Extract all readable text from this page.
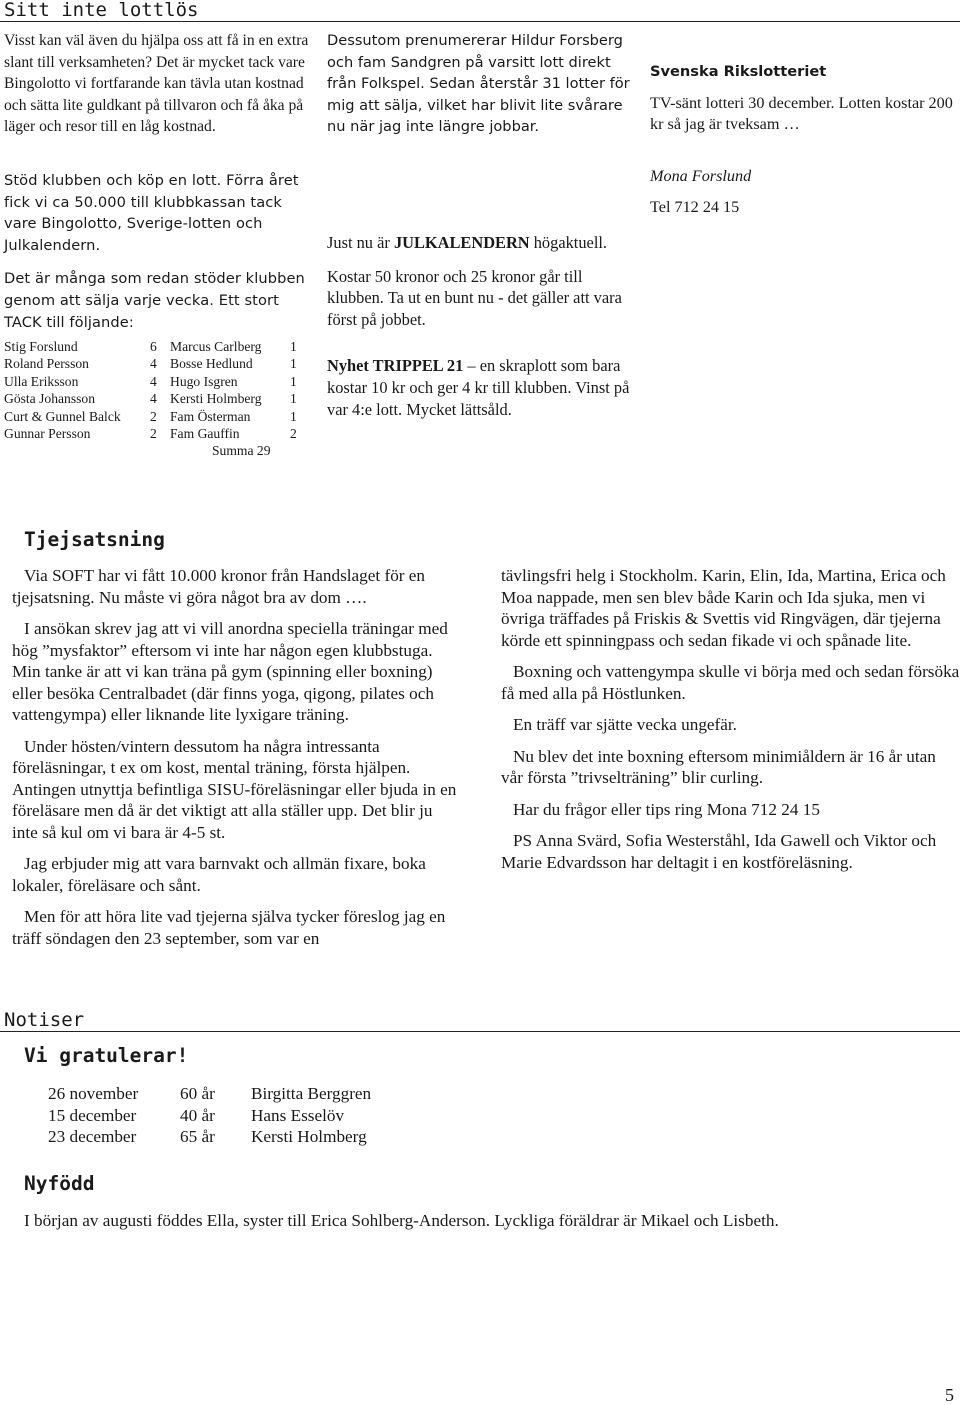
Sitt inte lottlös

Visst kan väl även du hjälpa oss att få in en extra slant till verksamheten? Det är mycket tack vare Bingolotto vi fortfarande kan tävla utan kostnad och sätta lite guldkant på tillvaron och få åka på läger och resor till en låg kostnad.

Stöd klubben och köp en lott. Förra året fick vi ca 50.000 till klubbkassan tack vare Bingolotto, Sverige-lotten och Julkalendern.

Det är många som redan stöder klubben genom att sälja varje vecka. Ett stort TACK till följande:

Stig Forslund	6 Marcus Carlberg 1
Roland Persson	4 Bosse Hedlund	1
Ulla Eriksson	4 Hugo Isgren	1
Gösta Johansson	4 Kersti Holmberg 1
Curt & Gunnel Balck 2 Fam Österman	1
Gunnar Persson	2 Fam Gauffin	2
Summa 29

Dessutom prenumererar Hildur Forsberg och fam Sandgren på varsitt lott direkt från Folkspel. Sedan återstår 31 lotter för mig att sälja, vilket har blivit lite svårare nu när jag inte längre jobbar.

Just nu är JULKALENDERN högaktuell.

Kostar 50 kronor och 25 kronor går till klubben. Ta ut en bunt nu - det gäller att vara först på jobbet.

Nyhet TRIPPEL 21 – en skraplott som bara kostar 10 kr och ger 4 kr till klubben. Vinst på var 4:e lott. Mycket lättsåld.

Svenska Rikslotteriet

TV-sänt lotteri 30 december. Lotten kostar 200 kr så jag är tveksam …

Mona Forslund

Tel 712 24 15

Tjejsatsning

Via SOFT har vi fått 10.000 kronor från Handslaget för en tjejsatsning. Nu måste vi göra något bra av dom ….

I ansökan skrev jag att vi vill anordna speciella träningar med hög ”mysfaktor” eftersom vi inte har någon egen klubbstuga. Min tanke är att vi kan träna på gym (spinning eller boxning) eller besöka Centralbadet (där finns yoga, qigong, pilates och vattengympa) eller liknande lite lyxigare träning.

Under hösten/vintern dessutom ha några intressanta föreläsningar, t ex om kost, mental träning, första hjälpen. Antingen utnyttja befintliga SISU-föreläsningar eller bjuda in en föreläsare men då är det viktigt att alla ställer upp. Det blir ju inte så kul om vi bara är 4-5 st.

Jag erbjuder mig att vara barnvakt och allmän fixare, boka lokaler, föreläsare och sånt.

Men för att höra lite vad tjejerna själva tycker föreslog jag en träff söndagen den 23 september, som var en

tävlingsfri helg i Stockholm. Karin, Elin, Ida, Martina, Erica och Moa nappade, men sen blev både Karin och Ida sjuka, men vi övriga träffades på Friskis & Svettis vid Ringvägen, där tjejerna körde ett spinningpass och sedan fikade vi och spånade lite.

Boxning och vattengympa skulle vi börja med och sedan försöka få med alla på Höstlunken.

En träff var sjätte vecka ungefär.

Nu blev det inte boxning eftersom minimiåldern är 16 år utan vår första ”trivselträning” blir curling.

Har du frågor eller tips ring Mona 712 24 15

PS Anna Svärd, Sofia Westerståhl, Ida Gawell och Viktor och Marie Edvardsson har deltagit i en kostföreläsning.

Notiser
Vi gratulerar!
26 november 60 år Birgitta Berggren
15 december	40 år Hans Esselöv
23 december	65 år Kersti Holmberg
Nyfödd

I början av augusti föddes Ella, syster till Erica Sohlberg-Anderson. Lyckliga föräldrar är Mikael och Lisbeth.

5
